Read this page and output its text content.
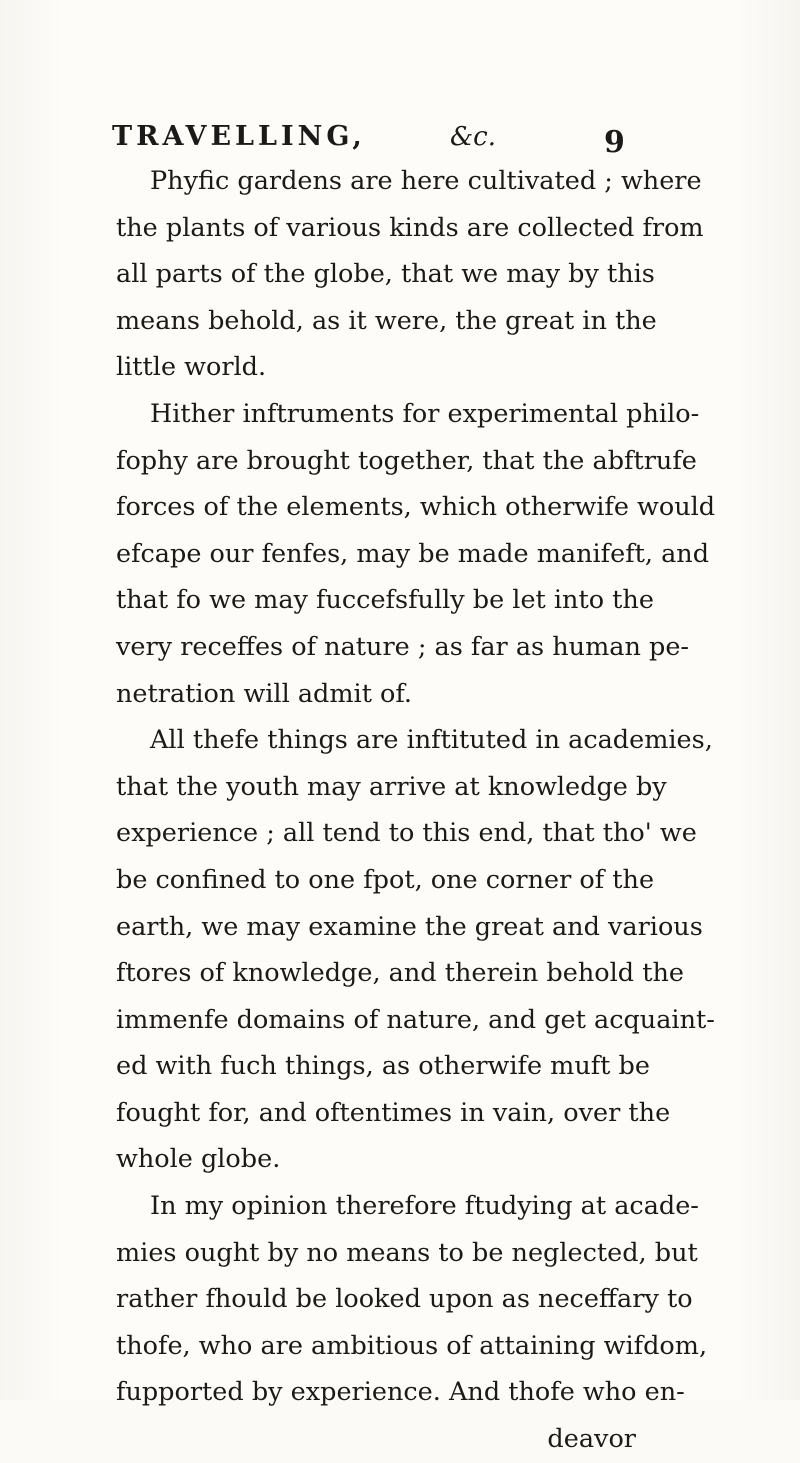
TRAVELLING,	&c.	9
Phyfic gardens are here cultivated ; where
the plants of various kinds are collected from
all parts of the globe, that we may by this
means behold, as it were, the great in the
little world.
Hither inftruments for experimental philo-
fophy are brought together, that the abftrufe
forces of the elements, which otherwife would
efcape our fenfes, may be made manifeft, and
that fo we may fuccefsfully be let into the
very receffes of nature ; as far as human pe-
netration will admit of.
All thefe things are inftituted in academies,
that the youth may arrive at knowledge by
experience ; all tend to this end, that tho' we
be confined to one fpot, one corner of the
earth, we may examine the great and various
ftores of knowledge, and therein behold the
immenfe domains of nature, and get acquaint-
ed with fuch things, as otherwife muft be
fought for, and oftentimes in vain, over the
whole globe.
In my opinion therefore ftudying at acade-
mies ought by no means to be neglected, but
rather fhould be looked upon as neceffary to
thofe, who are ambitious of attaining wifdom,
fupported by experience. And thofe who en-
deavor
